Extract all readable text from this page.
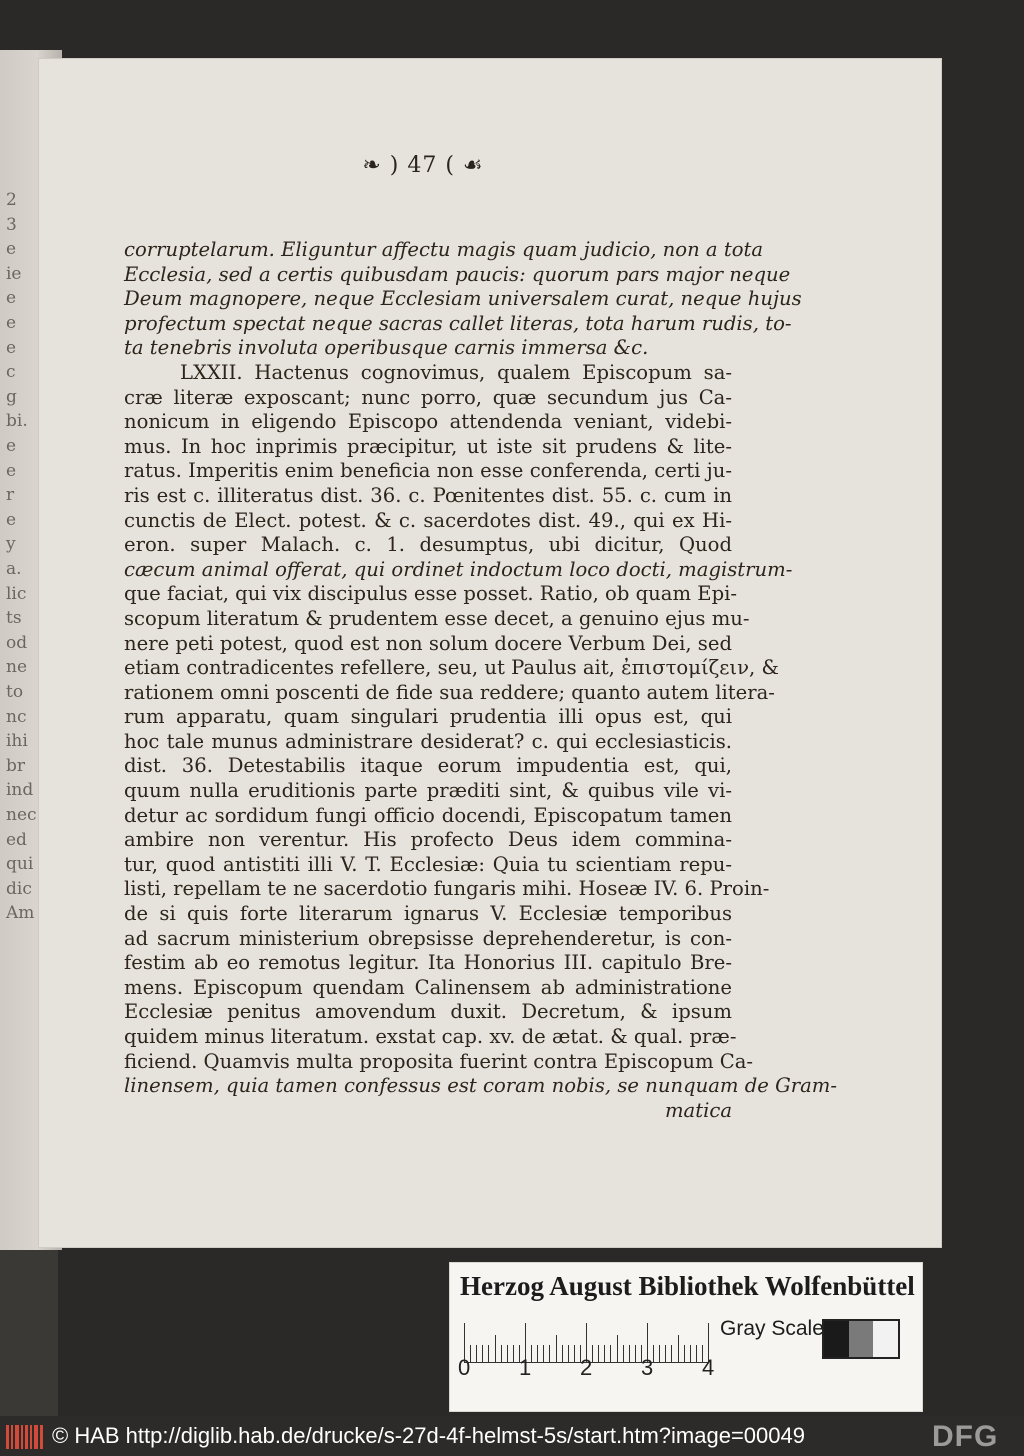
2
3
e
ie
e
e
e
c
g
bi.
e
e
r
e
y
a.
lic
ts
od
ne
to
nc
ihi
br
ind
nec
ed
qui
dic
Am
❧ ) 47 ( ☙
corruptelarum. Eliguntur affectu magis quam judicio, non a tota
Ecclesia, sed a certis quibusdam paucis: quorum pars major neque
Deum magnopere, neque Ecclesiam universalem curat, neque hujus
profectum spectat neque sacras callet literas, tota harum rudis, to-
ta tenebris involuta operibusque carnis immersa &c.
LXXII. Hactenus cognovimus, qualem Episcopum sa-
cræ literæ exposcant; nunc porro, quæ secundum jus Ca-
nonicum in eligendo Episcopo attendenda veniant, videbi-
mus. In hoc inprimis præcipitur, ut iste sit prudens & lite-
ratus. Imperitis enim beneficia non esse conferenda, certi ju-
ris est c. illiteratus dist. 36. c. Pœnitentes dist. 55. c. cum in
cunctis de Elect. potest. & c. sacerdotes dist. 49., qui ex Hi-
eron. super Malach. c. 1. desumptus, ubi dicitur, Quod
cæcum animal offerat, qui ordinet indoctum loco docti, magistrum-
que faciat, qui vix discipulus esse posset. Ratio, ob quam Epi-
scopum literatum & prudentem esse decet, a genuino ejus mu-
nere peti potest, quod est non solum docere Verbum Dei, sed
etiam contradicentes refellere, seu, ut Paulus ait, ἐπιστομίζειν, &
rationem omni poscenti de fide sua reddere; quanto autem litera-
rum apparatu, quam singulari prudentia illi opus est, qui
hoc tale munus administrare desiderat? c. qui ecclesiasticis.
dist. 36. Detestabilis itaque eorum impudentia est, qui,
quum nulla eruditionis parte præditi sint, & quibus vile vi-
detur ac sordidum fungi officio docendi, Episcopatum tamen
ambire non verentur. His profecto Deus idem commina-
tur, quod antistiti illi V. T. Ecclesiæ: Quia tu scientiam repu-
listi, repellam te ne sacerdotio fungaris mihi. Hoseæ IV. 6. Proin-
de si quis forte literarum ignarus V. Ecclesiæ temporibus
ad sacrum ministerium obrepsisse deprehenderetur, is con-
festim ab eo remotus legitur. Ita Honorius III. capitulo Bre-
mens. Episcopum quendam Calinensem ab administratione
Ecclesiæ penitus amovendum duxit. Decretum, & ipsum
quidem minus literatum. exstat cap. xv. de ætat. & qual. præ-
ficiend. Quamvis multa proposita fuerint contra Episcopum Ca-
linensem, quia tamen confessus est coram nobis, se nunquam de Gram-
matica
Herzog August Bibliothek Wolfenbüttel
0 1 2 3 4
Gray Scale
© HAB http://diglib.hab.de/drucke/s-27d-4f-helmst-5s/start.htm?image=00049	DFG
